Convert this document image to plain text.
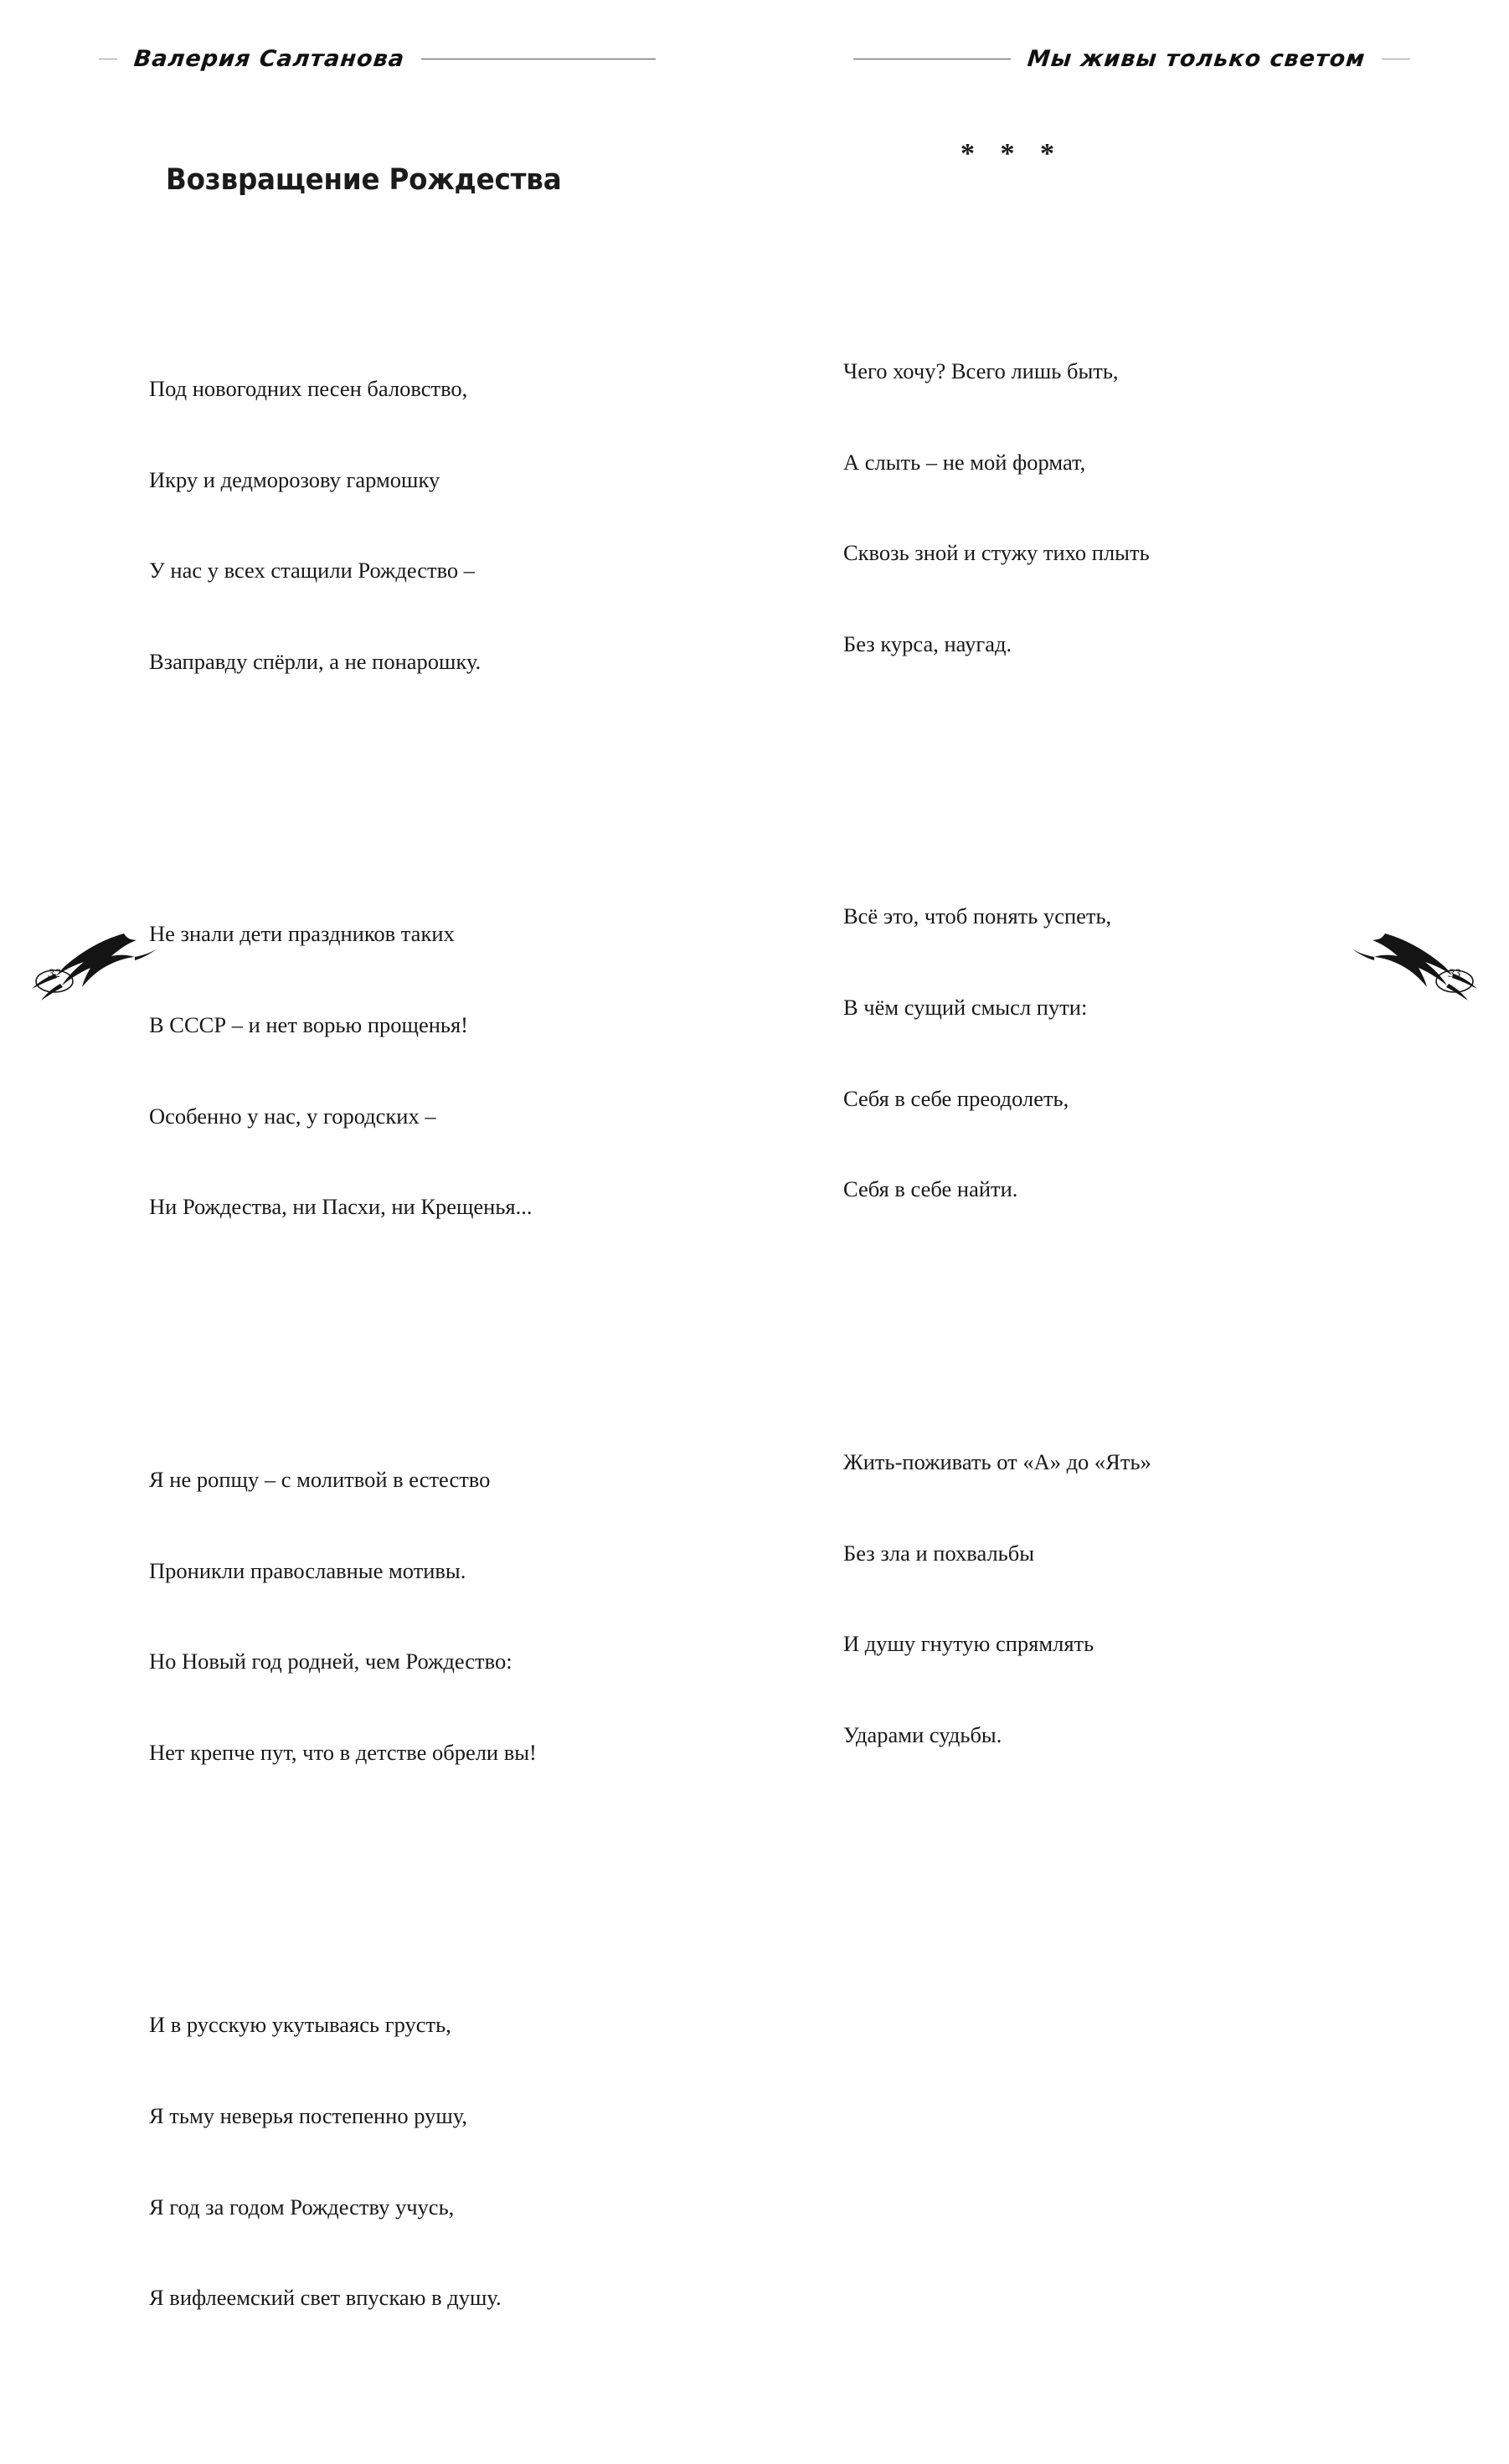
Валерия Салтанова
Возвращение Рождества

Под новогодних песен баловство,

Икру и дедморозову гармошку

У нас у всех стащили Рождество –

Взаправду спёрли, а не понарошку.

Не знали дети праздников таких

В СССР – и нет ворью прощенья!

Особенно у нас, у городских –

Ни Рождества, ни Пасхи, ни Крещенья...

Я не ропщу – с молитвой в естество

Проникли православные мотивы.

Но Новый год родней, чем Рождество:

Нет крепче пут, что в детстве обрели вы!

И в русскую укутываясь грусть,

Я тьму неверья постепенно рушу,

Я год за годом Рождеству учусь,

Я вифлеемский свет впускаю в душу.

32
Мы живы только светом
* * *

Чего хочу? Всего лишь быть,

А слыть – не мой формат,

Сквозь зной и стужу тихо плыть

Без курса, наугад.

Всё это, чтоб понять успеть,

В чём сущий смысл пути:

Себя в себе преодолеть,

Себя в себе найти.

Жить-поживать от «А» до «Ять»

Без зла и похвальбы

И душу гнутую спрямлять

Ударами судьбы.

33
